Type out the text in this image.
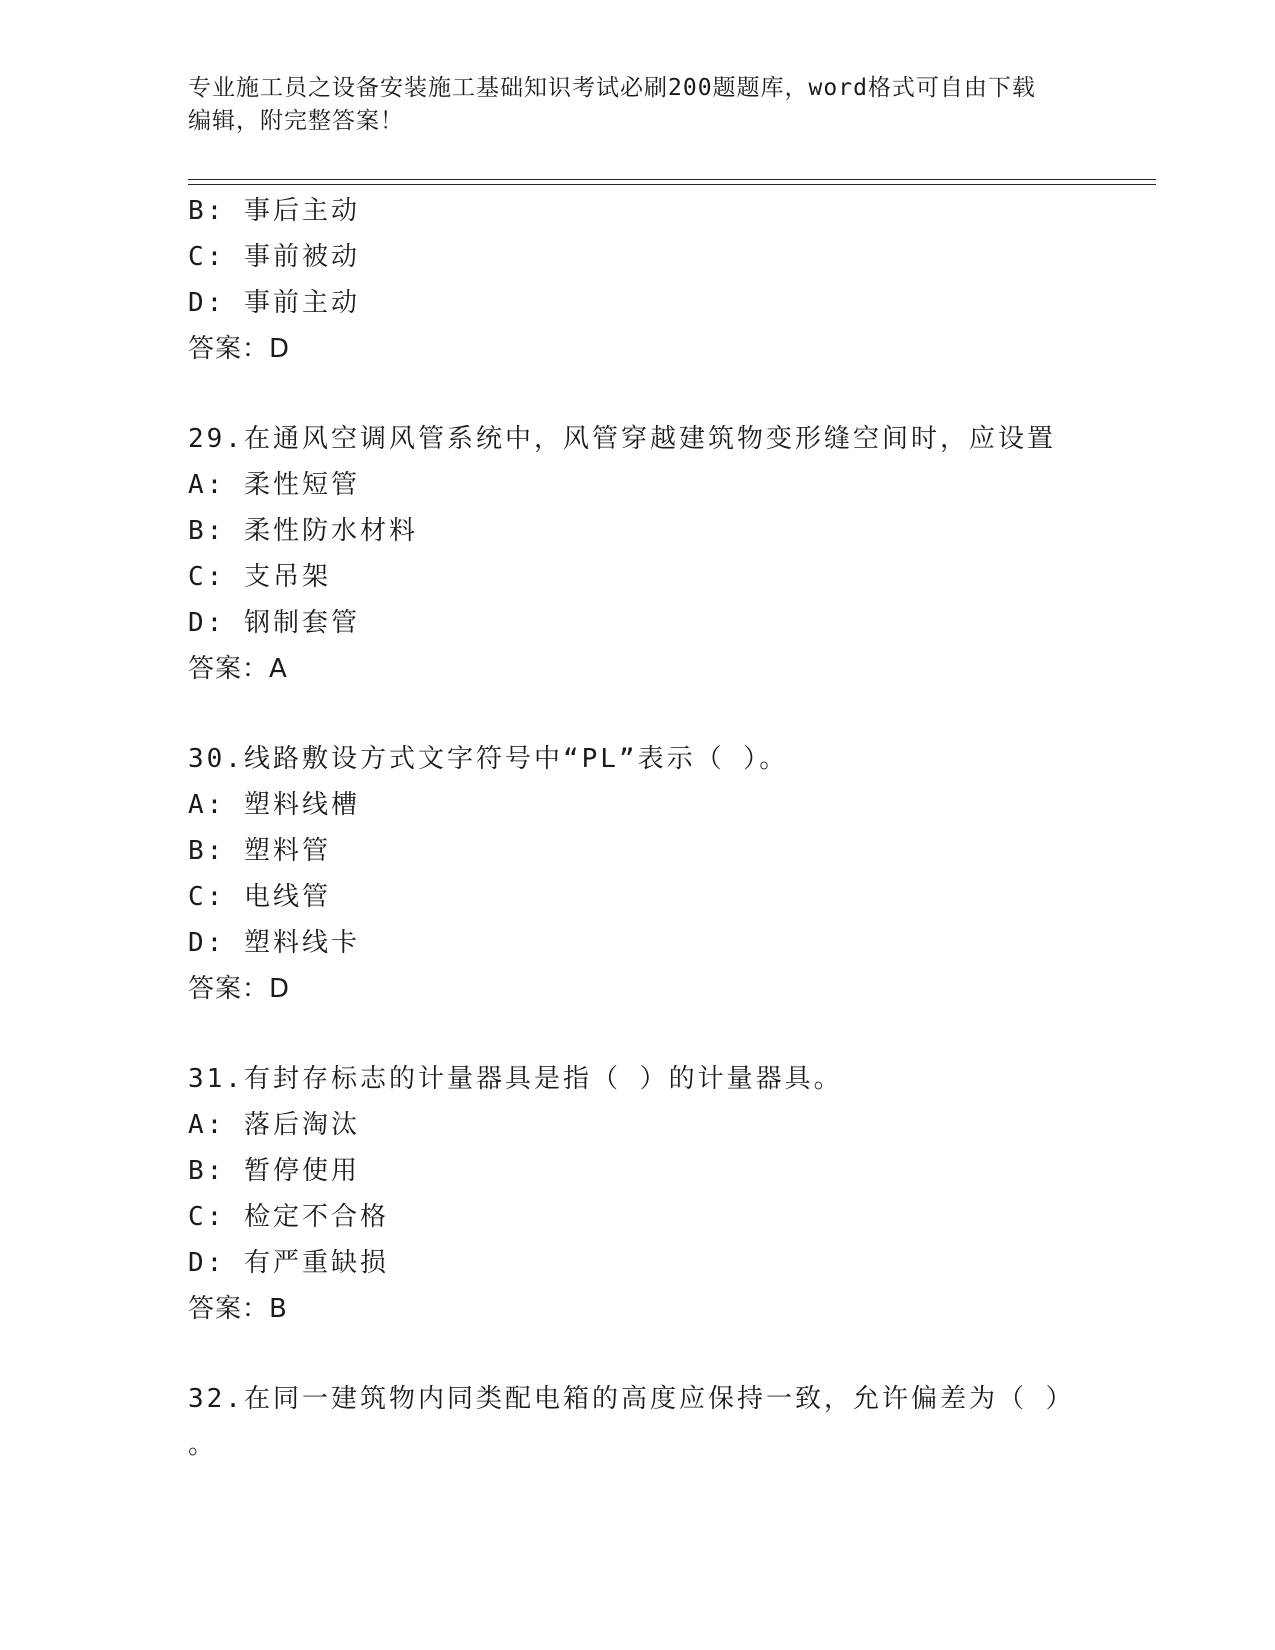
专业施工员之设备安装施工基础知识考试必刷200题题库，word格式可自由下载
编辑，附完整答案！
B: 事后主动
C: 事前被动
D: 事前主动
答案：D
29.在通风空调风管系统中，风管穿越建筑物变形缝空间时，应设置
A: 柔性短管
B: 柔性防水材料
C: 支吊架
D: 钢制套管
答案：A
30.线路敷设方式文字符号中“PL”表示（ ）。
A: 塑料线槽
B: 塑料管
C: 电线管
D: 塑料线卡
答案：D
31.有封存标志的计量器具是指（ ）的计量器具。
A: 落后淘汰
B: 暂停使用
C: 检定不合格
D: 有严重缺损
答案：B
32.在同一建筑物内同类配电箱的高度应保持一致，允许偏差为（ ）
。
